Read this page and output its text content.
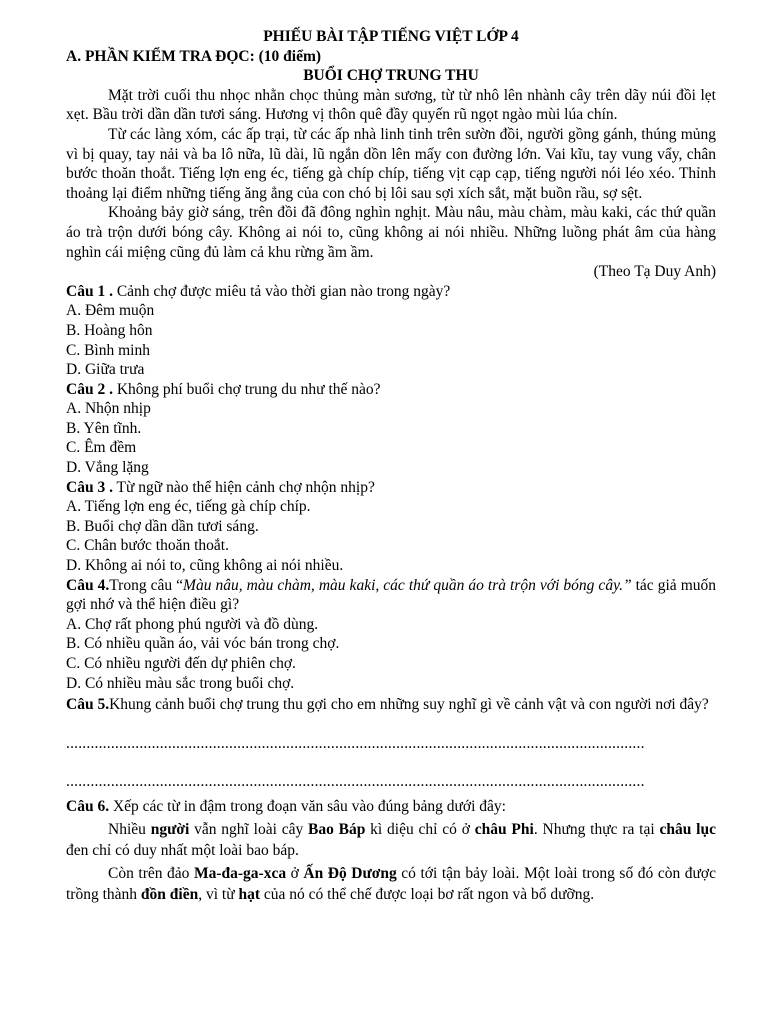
PHIẾU BÀI TẬP TIẾNG VIỆT LỚP 4
A. PHẦN KIỂM TRA ĐỌC: (10 điểm)
BUỔI CHỢ TRUNG THU

Mặt trời cuối thu nhọc nhằn chọc thủng màn sương, từ từ nhô lên nhành cây trên dãy núi đồi lẹt xẹt. Bầu trời dần dần tươi sáng. Hương vị thôn quê đầy quyến rũ ngọt ngào mùi lúa chín.

Từ các làng xóm, các ấp trại, từ các ấp nhà linh tinh trên sườn đồi, người gồng gánh, thúng mủng vì bị quay, tay nải và ba lô nữa, lũ dài, lũ ngắn dồn lên mấy con đường lớn. Vai kĩu, tay vung vẩy, chân bước thoăn thoắt. Tiếng lợn eng éc, tiếng gà chíp chíp, tiếng vịt cạp cạp, tiếng người nói léo xéo. Thỉnh thoảng lại điểm những tiếng ăng ẳng của con chó bị lôi sau sợi xích sắt, mặt buồn rầu, sợ sệt.

Khoảng bảy giờ sáng, trên đồi đã đông nghìn nghịt. Màu nâu, màu chàm, màu kaki, các thứ quần áo trà trộn dưới bóng cây. Không ai nói to, cũng không ai nói nhiều. Những luồng phát âm của hàng nghìn cái miệng cũng đủ làm cả khu rừng ầm ầm.

(Theo Tạ Duy Anh)

Câu 1 . Cảnh chợ được miêu tả vào thời gian nào trong ngày?

A. Đêm muộn

B. Hoàng hôn

C. Bình minh

D. Giữa trưa

Câu 2 . Không phí buổi chợ trung du như thế nào?

A. Nhộn nhịp

B. Yên tĩnh.

C. Êm đềm

D. Vắng lặng

Câu 3 . Từ ngữ nào thể hiện cảnh chợ nhộn nhịp?

A. Tiếng lợn eng éc, tiếng gà chíp chíp.

B. Buổi chợ dần dần tươi sáng.

C. Chân bước thoăn thoắt.

D. Không ai nói to, cũng không ai nói nhiều.

Câu 4.Trong câu “Màu nâu, màu chàm, màu kaki, các thứ quần áo trà trộn với bóng cây.” tác giả muốn gợi nhớ và thể hiện điều gì?

A. Chợ rất phong phú người và đồ dùng.

B. Có nhiều quần áo, vải vóc bán trong chợ.

C. Có nhiều người đến dự phiên chợ.

D. Có nhiều màu sắc trong buổi chợ.

Câu 5.Khung cảnh buổi chợ trung thu gợi cho em những suy nghĩ gì về cảnh vật và con người nơi đây?

..............................................................................................................................................

..............................................................................................................................................

Câu 6. Xếp các từ in đậm trong đoạn văn sâu vào đúng bảng dưới đây:

Nhiều người vẫn nghĩ loài cây Bao Báp kì diệu chỉ có ở châu Phi. Nhưng thực ra tại châu lục đen chỉ có duy nhất một loài bao báp.

Còn trên đảo Ma-đa-ga-xca ở Ấn Độ Dương có tới tận bảy loài. Một loài trong số đó còn được trồng thành đồn điền, vì từ hạt của nó có thể chế được loại bơ rất ngon và bổ dưỡng.
